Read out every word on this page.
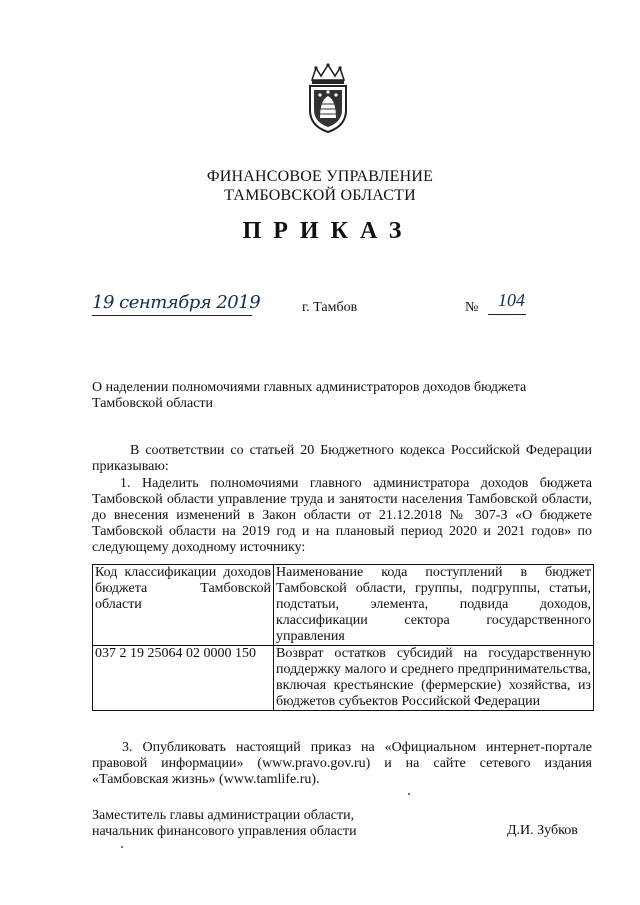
ФИНАНСОВОЕ УПРАВЛЕНИЕ
ТАМБОВСКОЙ ОБЛАСТИ
ПРИКАЗ
19 сентября 2019	г. Тамбов	№ 104
О наделении полномочиями главных администраторов доходов бюджета Тамбовской области
В соответствии со статьей 20 Бюджетного кодекса Российской Федерации приказываю:
1. Наделить полномочиями главного администратора доходов бюджета Тамбовской области управление труда и занятости населения Тамбовской области, до внесения изменений в Закон области от 21.12.2018 № 307-З «О бюджете Тамбовской области на 2019 год и на плановый период 2020 и 2021 годов» по следующему доходному источнику:
Код классификации доходов бюджета Тамбовской области	Наименование кода поступлений в бюджет Тамбовской области, группы, подгруппы, статьи, подстатьи, элемента, подвида доходов, классификации сектора государственного управления
037 2 19 25064 02 0000 150	Возврат остатков субсидий на государственную поддержку малого и среднего предпринимательства, включая крестьянские (фермерские) хозяйства, из бюджетов субъектов Российской Федерации
3. Опубликовать настоящий приказ на «Официальном интернет-портале правовой информации» (www.pravo.gov.ru) и на сайте сетевого издания «Тамбовская жизнь» (www.tamlife.ru).
Заместитель главы администрации области,
начальник финансового управления области	Д.И. Зубков
